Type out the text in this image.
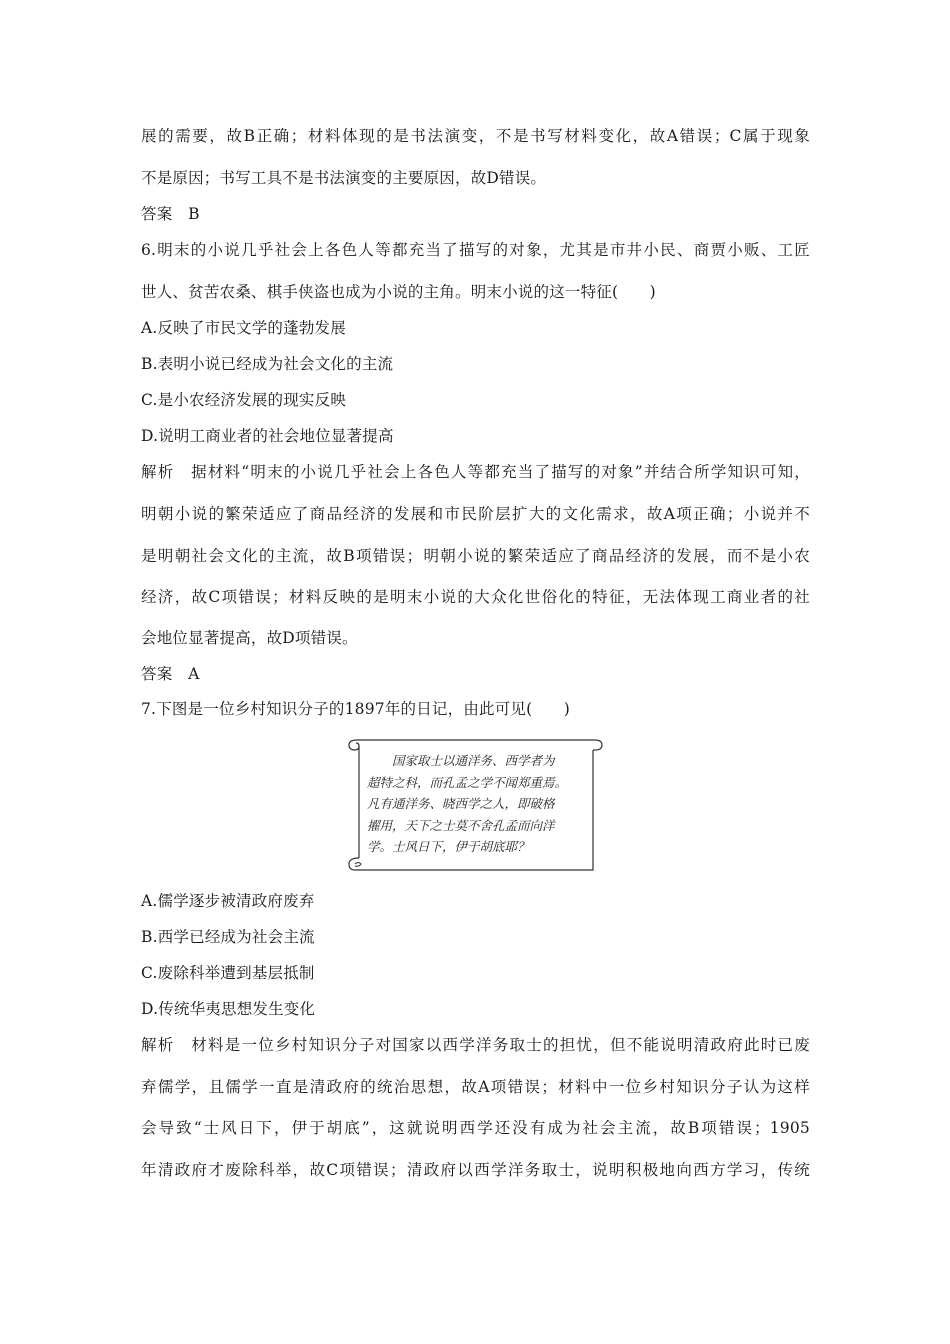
展的需要，故B正确；材料体现的是书法演变，不是书写材料变化，故A错误；C属于现象
不是原因；书写工具不是书法演变的主要原因，故D错误。
答案　B
6.明末的小说几乎社会上各色人等都充当了描写的对象，尤其是市井小民、商贾小贩、工匠
世人、贫苦农桑、棋手侠盗也成为小说的主角。明末小说的这一特征(　　)
A.反映了市民文学的蓬勃发展
B.表明小说已经成为社会文化的主流
C.是小农经济发展的现实反映
D.说明工商业者的社会地位显著提高
解析　据材料“明末的小说几乎社会上各色人等都充当了描写的对象”并结合所学知识可知，
明朝小说的繁荣适应了商品经济的发展和市民阶层扩大的文化需求，故A项正确；小说并不
是明朝社会文化的主流，故B项错误；明朝小说的繁荣适应了商品经济的发展，而不是小农
经济，故C项错误；材料反映的是明末小说的大众化世俗化的特征，无法体现工商业者的社
会地位显著提高，故D项错误。
答案　A
7.下图是一位乡村知识分子的1897年的日记，由此可见(　　)
　　国家取士以通洋务、西学者为
超特之科，而孔孟之学不闻郑重焉。
凡有通洋务、晓西学之人，即破格
擢用，天下之士莫不舍孔孟而向洋
学。士风日下，伊于胡底耶？
A.儒学逐步被清政府废弃
B.西学已经成为社会主流
C.废除科举遭到基层抵制
D.传统华夷思想发生变化
解析　材料是一位乡村知识分子对国家以西学洋务取士的担忧，但不能说明清政府此时已废
弃儒学，且儒学一直是清政府的统治思想，故A项错误；材料中一位乡村知识分子认为这样
会导致“士风日下，伊于胡底”，这就说明西学还没有成为社会主流，故B项错误；1905
年清政府才废除科举，故C项错误；清政府以西学洋务取士，说明积极地向西方学习，传统
